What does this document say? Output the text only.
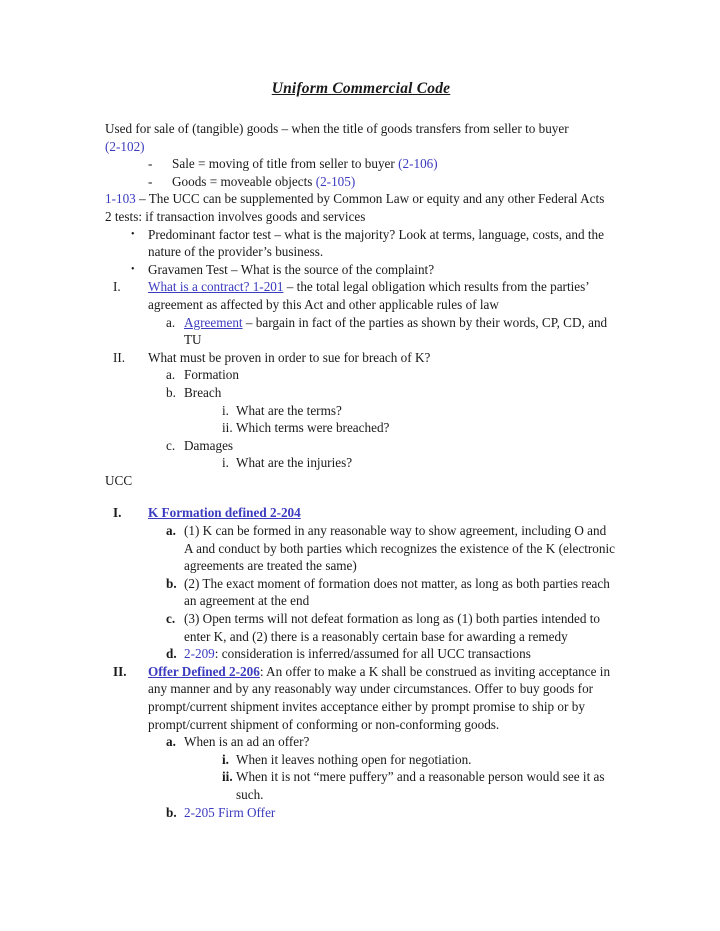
Uniform Commercial Code
Used for sale of (tangible) goods – when the title of goods transfers from seller to buyer
(2-102)
-	Sale = moving of title from seller to buyer (2-106)
-	Goods = moveable objects (2-105)
1-103 – The UCC can be supplemented by Common Law or equity and any other Federal Acts
2 tests: if transaction involves goods and services
•	Predominant factor test – what is the majority? Look at terms, language, costs, and the nature of the provider’s business.
•	Gravamen Test – What is the source of the complaint?
I.	What is a contract? 1-201 – the total legal obligation which results from the parties’ agreement as affected by this Act and other applicable rules of law
a. Agreement – bargain in fact of the parties as shown by their words, CP, CD, and TU
II.	What must be proven in order to sue for breach of K?
a. Formation
b. Breach
i. What are the terms?
ii. Which terms were breached?
c. Damages
i. What are the injuries?
UCC
I.	K Formation defined 2-204
a. (1) K can be formed in any reasonable way to show agreement, including O and A and conduct by both parties which recognizes the existence of the K (electronic agreements are treated the same)
b. (2) The exact moment of formation does not matter, as long as both parties reach an agreement at the end
c. (3) Open terms will not defeat formation as long as (1) both parties intended to enter K, and (2) there is a reasonably certain base for awarding a remedy
d. 2-209: consideration is inferred/assumed for all UCC transactions
II.	Offer Defined 2-206: An offer to make a K shall be construed as inviting acceptance in any manner and by any reasonably way under circumstances. Offer to buy goods for prompt/current shipment invites acceptance either by prompt promise to ship or by prompt/current shipment of conforming or non-conforming goods.
a. When is an ad an offer?
i. When it leaves nothing open for negotiation.
ii. When it is not “mere puffery” and a reasonable person would see it as such.
b. 2-205 Firm Offer
